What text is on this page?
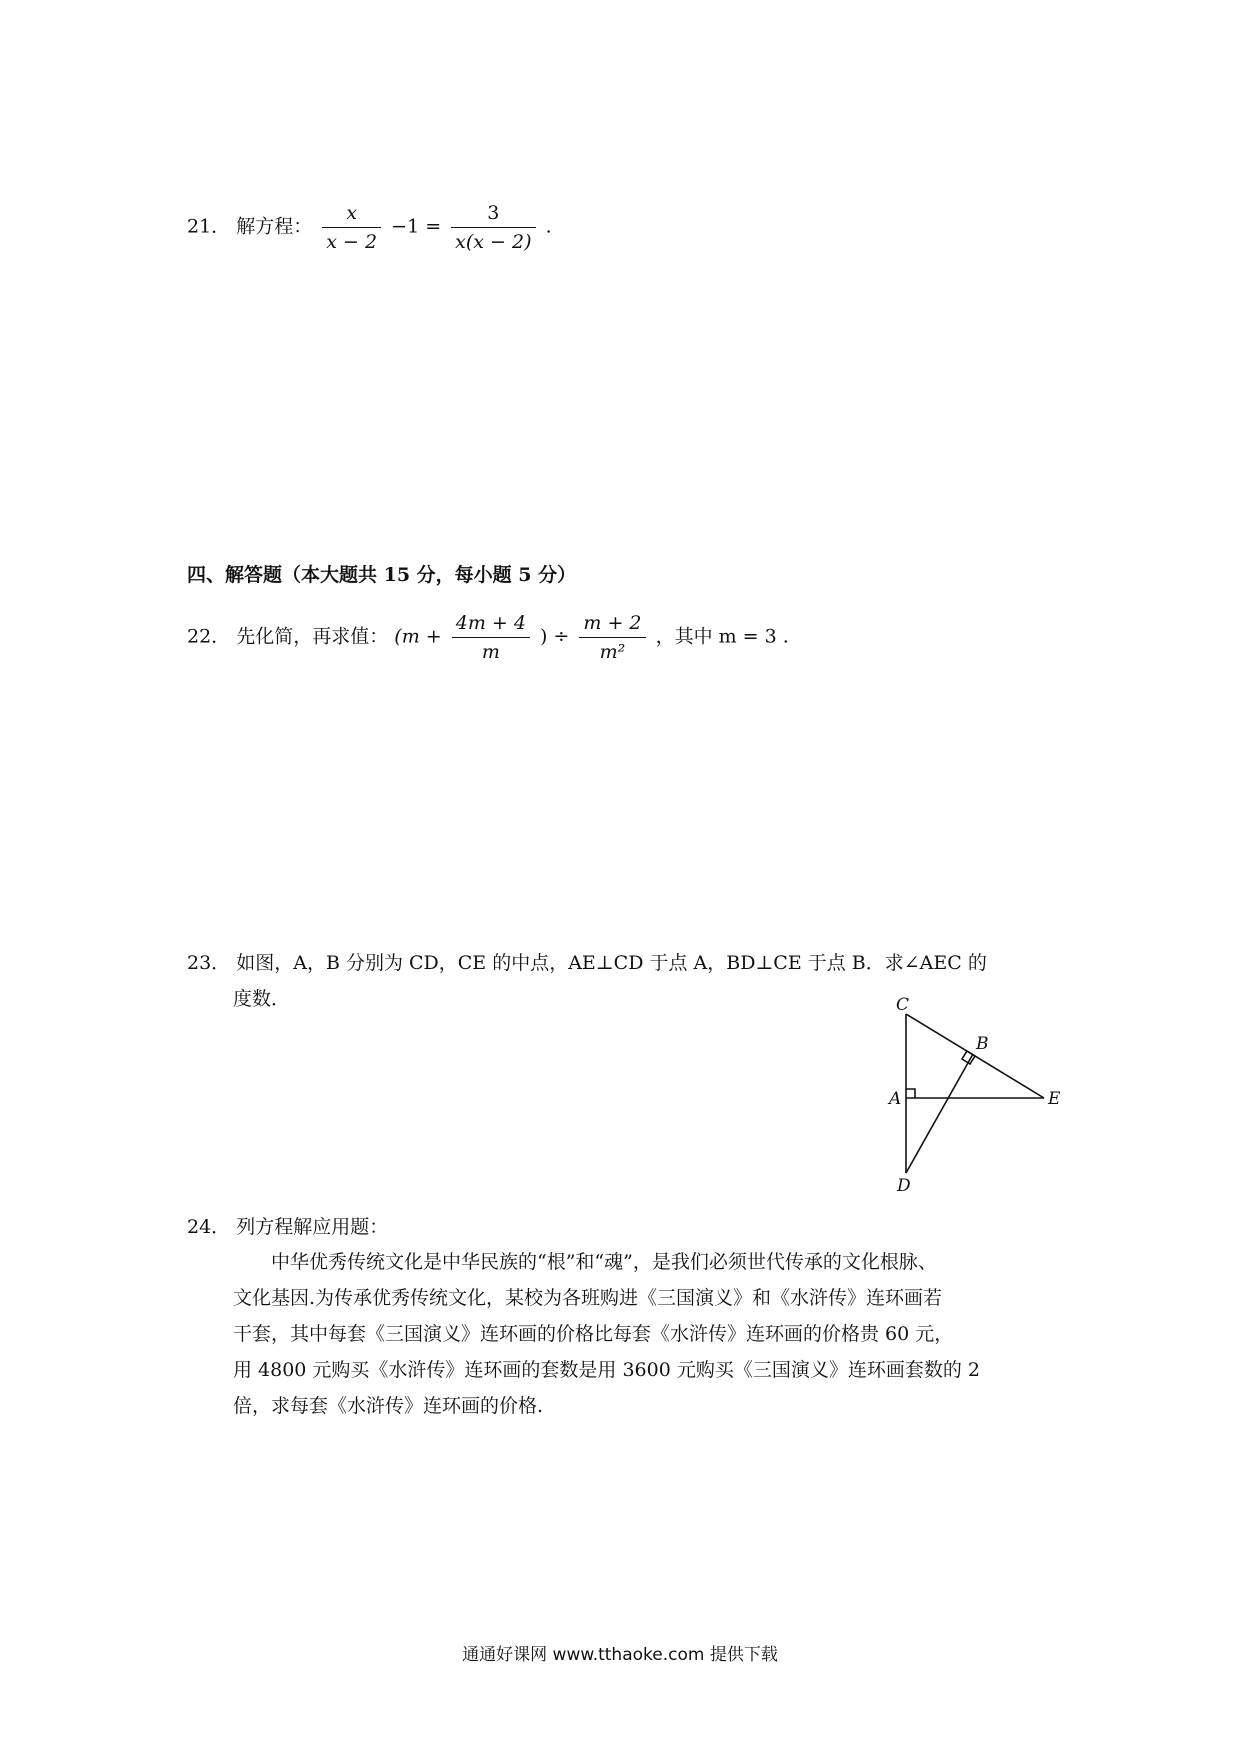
21． 解方程： $\frac{x}{x - 2} -1 = \frac{3}{x(x - 2)}$ .
四、解答题（本大题共 15 分，每小题 5 分）
22． 先化简，再求值： ($m + \frac{4m + 4}{m}$ ) ÷ $\frac{m + 2}{\text{m²}}$ ，其中 m = 3 .
23． 如图，A，B 分别为 CD，CE 的中点，AE⊥CD 于点 A，BD⊥CE 于点 B．求∠AEC 的
度数．	C
B
A	E
D
24． 列方程解应用题：
中华优秀传统文化是中华民族的“根”和“魂”，是我们必须世代传承的文化根脉、
文化基因.为传承优秀传统文化，某校为各班购进《三国演义》和《水浒传》连环画若
干套，其中每套《三国演义》连环画的价格比每套《水浒传》连环画的价格贵 60 元，
用 4800 元购买《水浒传》连环画的套数是用 3600 元购买《三国演义》连环画套数的 2
倍，求每套《水浒传》连环画的价格.
通通好课网 www.tthaoke.com 提供下载
